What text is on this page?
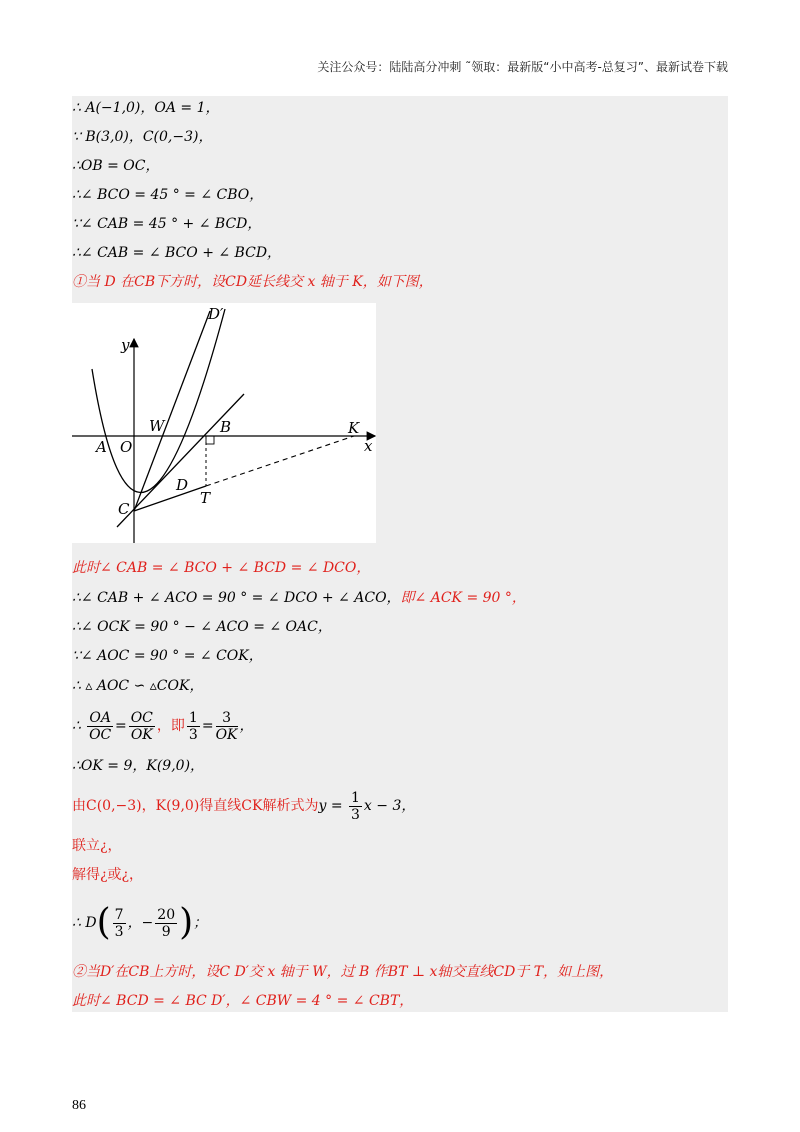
关注公众号：陆陆高分冲刺 ˜领取：最新版“小中高考-总复习”、最新试卷下载
∴ A(−1,0)，OA = 1，
∵ B(3,0)，C(0,−3)，
∴OB = OC，
∴∠ BCO = 45 ° = ∠ CBO，
∵∠ CAB = 45 ° + ∠ BCD，
∴∠ CAB = ∠ BCO + ∠ BCD，
①当 D 在CB下方时，设CD延长线交 x 轴于 K，如下图，
y
x
A O
W	B	K
D
T
C
D′
此时∠ CAB = ∠ BCO + ∠ BCD = ∠ DCO，
∴∠ CAB + ∠ ACO = 90 ° = ∠ DCO + ∠ ACO，即∠ ACK = 90 °，
∴∠ OCK = 90 ° − ∠ ACO = ∠ OAC，
∵∠ AOC = 90 ° = ∠ COK，
∴ ▵ AOC ∽ ▵COK，
∴ $\frac{OA}{OC} = \frac{OC}{OK}$ ，即 $\frac{1}{3} = \frac{3}{OK}$ ，
∴OK = 9，K(9,0)，
由C(0,−3)，K(9,0)得直线CK解析式为$y = \frac{1}{3}$ x − 3，
联立¿，
解得¿或¿，
∴ $D( \frac{7}{3}$ ，− $\frac{20}{9}$ )；
②当D′在CB上方时，设C D′交 x 轴于 W，过 B 作BT ⊥ x轴交直线CD于 T，如上图，
此时∠ BCD = ∠ BC D′，∠ CBW = 4 ° = ∠ CBT，
86
